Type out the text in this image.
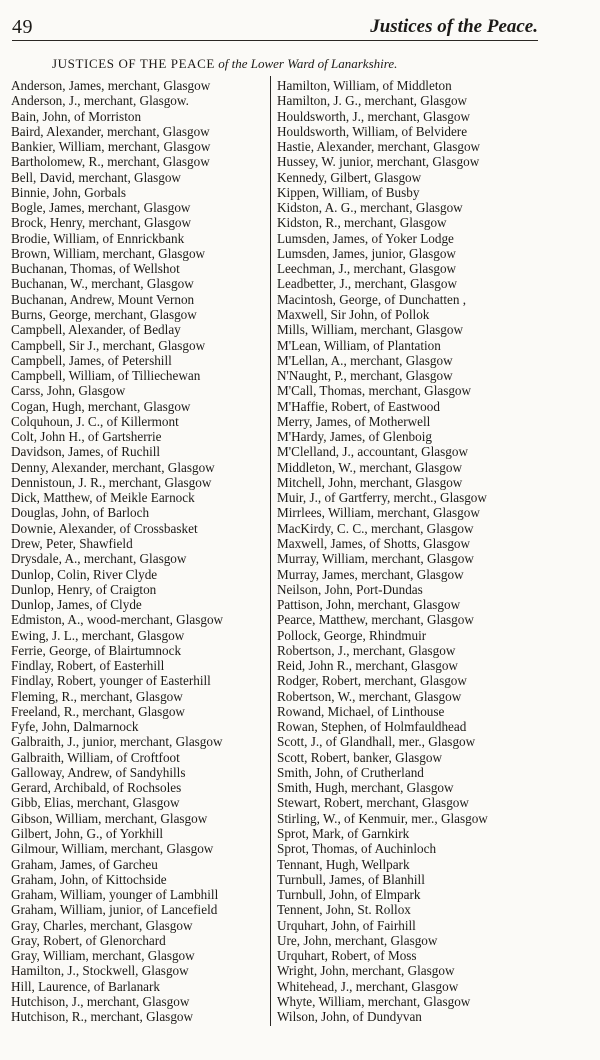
49	Justices of the Peace.
JUSTICES OF THE PEACE of the Lower Ward of Lanarkshire.
Anderson, James, merchant, Glasgow
Anderson, J., merchant, Glasgow.
Bain, John, of Morriston
Baird, Alexander, merchant, Glasgow
Bankier, William, merchant, Glasgow
Bartholomew, R., merchant, Glasgow
Bell, David, merchant, Glasgow
Binnie, John, Gorbals
Bogle, James, merchant, Glasgow
Brock, Henry, merchant, Glasgow
Brodie, William, of Ennrickbank
Brown, William, merchant, Glasgow
Buchanan, Thomas, of Wellshot
Buchanan, W., merchant, Glasgow
Buchanan, Andrew, Mount Vernon
Burns, George, merchant, Glasgow
Campbell, Alexander, of Bedlay
Campbell, Sir J., merchant, Glasgow
Campbell, James, of Petershill
Campbell, William, of Tilliechewan
Carss, John, Glasgow
Cogan, Hugh, merchant, Glasgow
Colquhoun, J. C., of Killermont
Colt, John H., of Gartsherrie
Davidson, James, of Ruchill
Denny, Alexander, merchant, Glasgow
Dennistoun, J. R., merchant, Glasgow
Dick, Matthew, of Meikle Earnock
Douglas, John, of Barloch
Downie, Alexander, of Crossbasket
Drew, Peter, Shawfield
Drysdale, A., merchant, Glasgow
Dunlop, Colin, River Clyde
Dunlop, Henry, of Craigton
Dunlop, James, of Clyde
Edmiston, A., wood-merchant, Glasgow
Ewing, J. L., merchant, Glasgow
Ferrie, George, of Blairtumnock
Findlay, Robert, of Easterhill
Findlay, Robert, younger of Easterhill
Fleming, R., merchant, Glasgow
Freeland, R., merchant, Glasgow
Fyfe, John, Dalmarnock
Galbraith, J., junior, merchant, Glasgow
Galbraith, William, of Croftfoot
Galloway, Andrew, of Sandyhills
Gerard, Archibald, of Rochsoles
Gibb, Elias, merchant, Glasgow
Gibson, William, merchant, Glasgow
Gilbert, John, G., of Yorkhill
Gilmour, William, merchant, Glasgow
Graham, James, of Garcheu
Graham, John, of Kittochside
Graham, William, younger of Lambhill
Graham, William, junior, of Lancefield
Gray, Charles, merchant, Glasgow
Gray, Robert, of Glenorchard
Gray, William, merchant, Glasgow
Hamilton, J., Stockwell, Glasgow
Hill, Laurence, of Barlanark
Hutchison, J., merchant, Glasgow
Hutchison, R., merchant, Glasgow
Hamilton, William, of Middleton
Hamilton, J. G., merchant, Glasgow
Houldsworth, J., merchant, Glasgow
Houldsworth, William, of Belvidere
Hastie, Alexander, merchant, Glasgow
Hussey, W. junior, merchant, Glasgow
Kennedy, Gilbert, Glasgow
Kippen, William, of Busby
Kidston, A. G., merchant, Glasgow
Kidston, R., merchant, Glasgow
Lumsden, James, of Yoker Lodge
Lumsden, James, junior, Glasgow
Leechman, J., merchant, Glasgow
Leadbetter, J., merchant, Glasgow
Macintosh, George, of Dunchatten ,
Maxwell, Sir John, of Pollok
Mills, William, merchant, Glasgow
M'Lean, William, of Plantation
M'Lellan, A., merchant, Glasgow
N'Naught, P., merchant, Glasgow
M'Call, Thomas, merchant, Glasgow
M'Haffie, Robert, of Eastwood
Merry, James, of Motherwell
M'Hardy, James, of Glenboig
M'Clelland, J., accountant, Glasgow
Middleton, W., merchant, Glasgow
Mitchell, John, merchant, Glasgow
Muir, J., of Gartferry, mercht., Glasgow
Mirrlees, William, merchant, Glasgow
MacKirdy, C. C., merchant, Glasgow
Maxwell, James, of Shotts, Glasgow
Murray, William, merchant, Glasgow
Murray, James, merchant, Glasgow
Neilson, John, Port-Dundas
Pattison, John, merchant, Glasgow
Pearce, Matthew, merchant, Glasgow
Pollock, George, Rhindmuir
Robertson, J., merchant, Glasgow
Reid, John R., merchant, Glasgow
Rodger, Robert, merchant, Glasgow
Robertson, W., merchant, Glasgow
Rowand, Michael, of Linthouse
Rowan, Stephen, of Holmfauldhead
Scott, J., of Glandhall, mer., Glasgow
Scott, Robert, banker, Glasgow
Smith, John, of Crutherland
Smith, Hugh, merchant, Glasgow
Stewart, Robert, merchant, Glasgow
Stirling, W., of Kenmuir, mer., Glasgow
Sprot, Mark, of Garnkirk
Sprot, Thomas, of Auchinloch
Tennant, Hugh, Wellpark
Turnbull, James, of Blanhill
Turnbull, John, of Elmpark
Tennent, John, St. Rollox
Urquhart, John, of Fairhill
Ure, John, merchant, Glasgow
Urquhart, Robert, of Moss
Wright, John, merchant, Glasgow
Whitehead, J., merchant, Glasgow
Whyte, William, merchant, Glasgow
Wilson, John, of Dundyvan
